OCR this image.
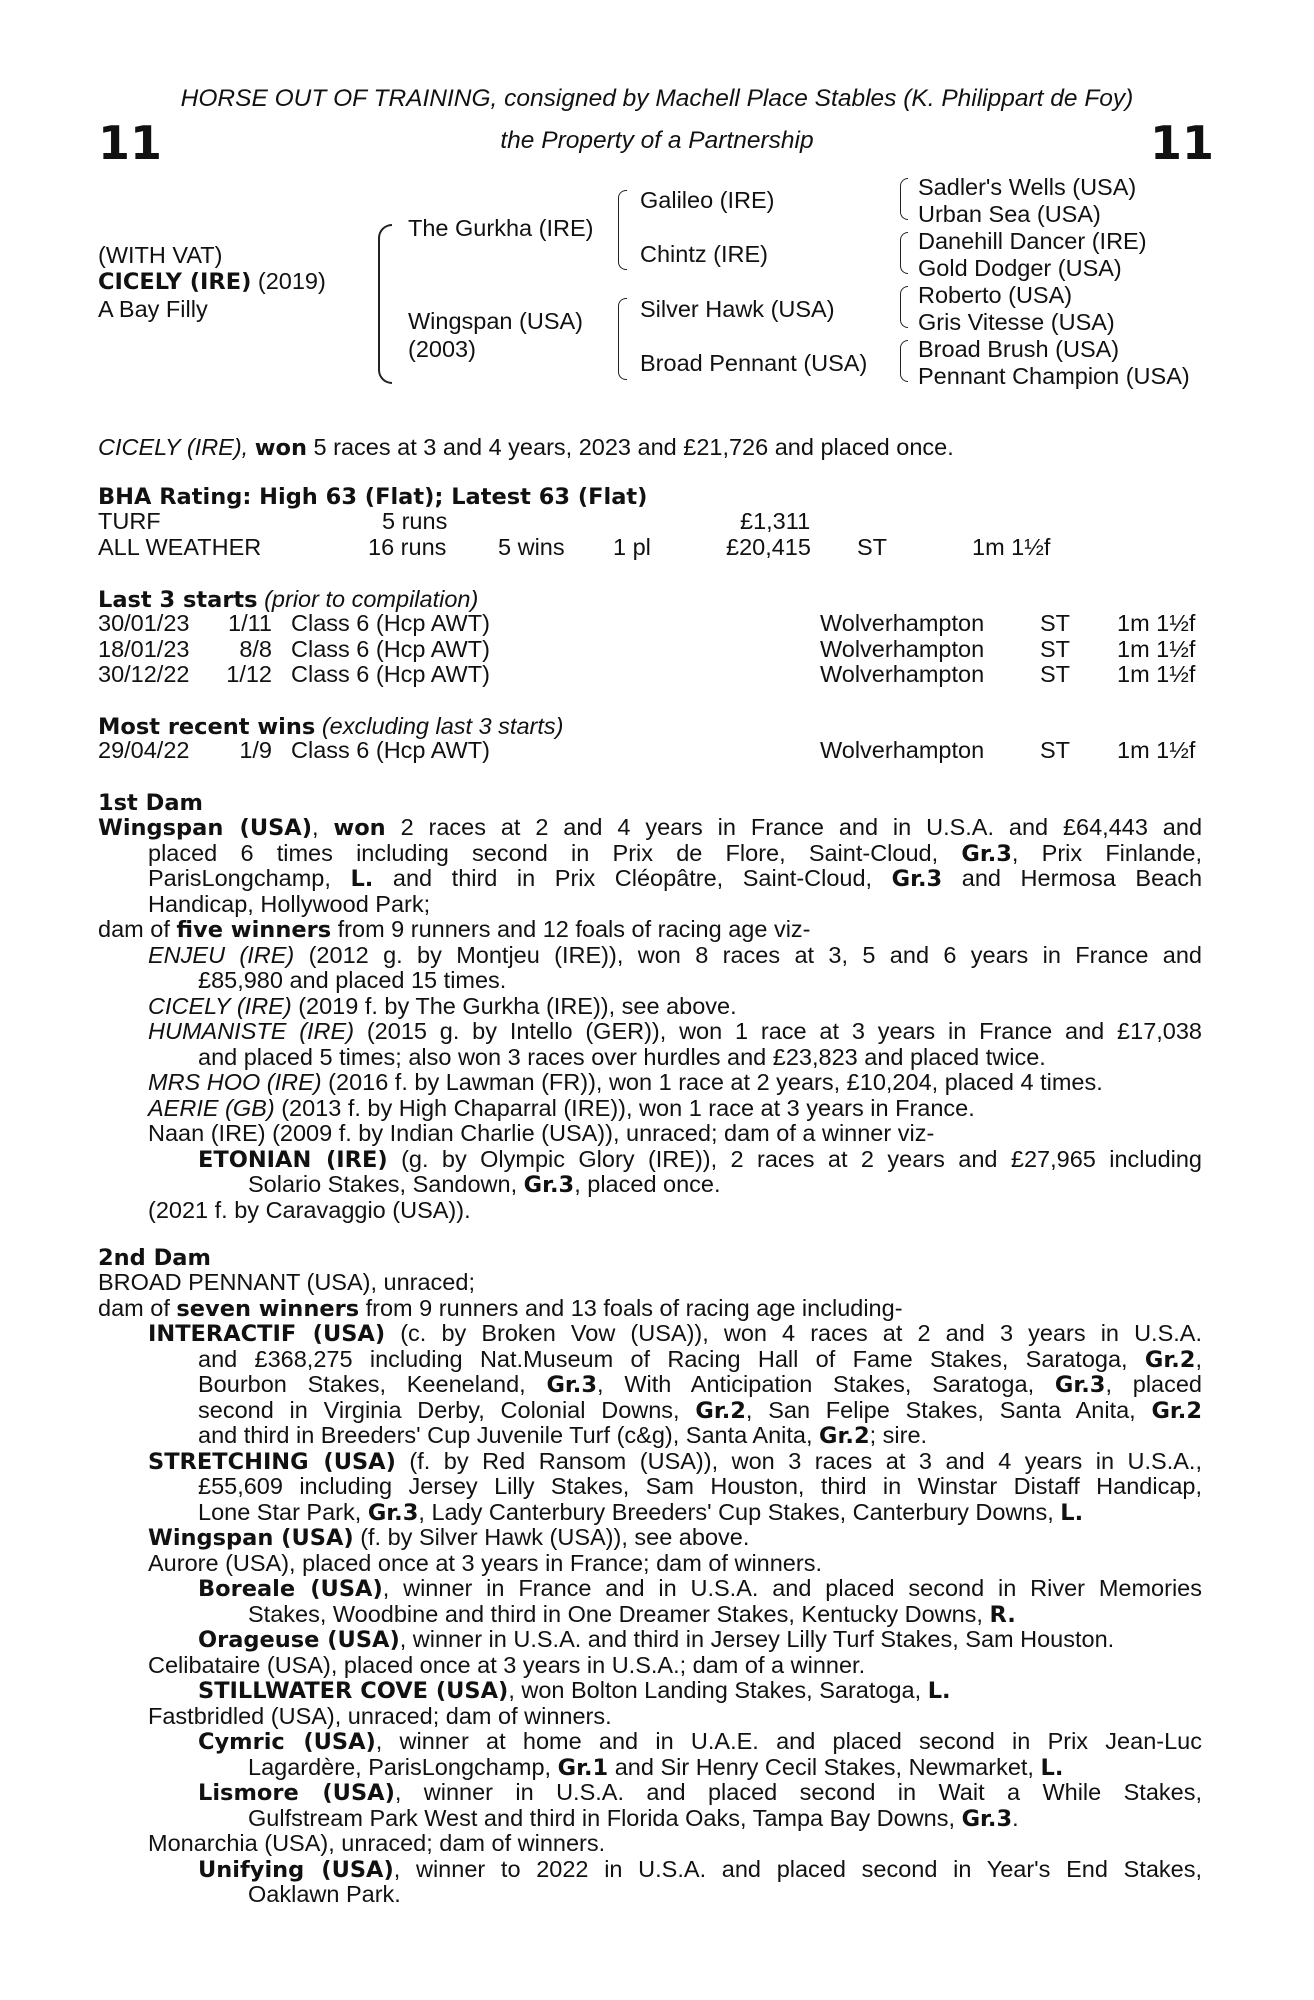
HORSE OUT OF TRAINING, consigned by Machell Place Stables (K. Philippart de Foy)
11	the Property of a Partnership	11
(WITH VAT)
CICELY (IRE) (2019)
A Bay Filly
The Gurkha (IRE)
Wingspan (USA)
(2003)
Galileo (IRE)
Chintz (IRE)
Silver Hawk (USA)
Broad Pennant (USA)
Sadler's Wells (USA)
Urban Sea (USA)
Danehill Dancer (IRE)
Gold Dodger (USA)
Roberto (USA)
Gris Vitesse (USA)
Broad Brush (USA)
Pennant Champion (USA)
CICELY (IRE), won 5 races at 3 and 4 years, 2023 and £21,726 and placed once.
BHA Rating: High 63 (Flat); Latest 63 (Flat)
TURF	5 runs	£1,311
ALL WEATHER	16 runs 5 wins 1 pl	£20,415 ST	1m 1½f
Last 3 starts (prior to compilation)
30/01/23	1/11 Class 6 (Hcp AWT)	Wolverhampton ST 1m 1½f
18/01/23	8/8 Class 6 (Hcp AWT)	Wolverhampton ST 1m 1½f
30/12/22	1/12 Class 6 (Hcp AWT)	Wolverhampton ST 1m 1½f
Most recent wins (excluding last 3 starts)
29/04/22	1/9 Class 6 (Hcp AWT)	Wolverhampton ST 1m 1½f
1st Dam
Wingspan (USA), won 2 races at 2 and 4 years in France and in U.S.A. and £64,443 and
placed 6 times including second in Prix de Flore, Saint-Cloud, Gr.3, Prix Finlande,
ParisLongchamp, L. and third in Prix Cléopâtre, Saint-Cloud, Gr.3 and Hermosa Beach
Handicap, Hollywood Park;
dam of five winners from 9 runners and 12 foals of racing age viz-
ENJEU (IRE) (2012 g. by Montjeu (IRE)), won 8 races at 3, 5 and 6 years in France and
£85,980 and placed 15 times.
CICELY (IRE) (2019 f. by The Gurkha (IRE)), see above.
HUMANISTE (IRE) (2015 g. by Intello (GER)), won 1 race at 3 years in France and £17,038
and placed 5 times; also won 3 races over hurdles and £23,823 and placed twice.
MRS HOO (IRE) (2016 f. by Lawman (FR)), won 1 race at 2 years, £10,204, placed 4 times.
AERIE (GB) (2013 f. by High Chaparral (IRE)), won 1 race at 3 years in France.
Naan (IRE) (2009 f. by Indian Charlie (USA)), unraced; dam of a winner viz-
ETONIAN (IRE) (g. by Olympic Glory (IRE)), 2 races at 2 years and £27,965 including
Solario Stakes, Sandown, Gr.3, placed once.
(2021 f. by Caravaggio (USA)).
2nd Dam
BROAD PENNANT (USA), unraced;
dam of seven winners from 9 runners and 13 foals of racing age including-
INTERACTIF (USA) (c. by Broken Vow (USA)), won 4 races at 2 and 3 years in U.S.A.
and £368,275 including Nat.Museum of Racing Hall of Fame Stakes, Saratoga, Gr.2,
Bourbon Stakes, Keeneland, Gr.3, With Anticipation Stakes, Saratoga, Gr.3, placed
second in Virginia Derby, Colonial Downs, Gr.2, San Felipe Stakes, Santa Anita, Gr.2
and third in Breeders' Cup Juvenile Turf (c&g), Santa Anita, Gr.2; sire.
STRETCHING (USA) (f. by Red Ransom (USA)), won 3 races at 3 and 4 years in U.S.A.,
£55,609 including Jersey Lilly Stakes, Sam Houston, third in Winstar Distaff Handicap,
Lone Star Park, Gr.3, Lady Canterbury Breeders' Cup Stakes, Canterbury Downs, L.
Wingspan (USA) (f. by Silver Hawk (USA)), see above.
Aurore (USA), placed once at 3 years in France; dam of winners.
Boreale (USA), winner in France and in U.S.A. and placed second in River Memories
Stakes, Woodbine and third in One Dreamer Stakes, Kentucky Downs, R.
Orageuse (USA), winner in U.S.A. and third in Jersey Lilly Turf Stakes, Sam Houston.
Celibataire (USA), placed once at 3 years in U.S.A.; dam of a winner.
STILLWATER COVE (USA), won Bolton Landing Stakes, Saratoga, L.
Fastbridled (USA), unraced; dam of winners.
Cymric (USA), winner at home and in U.A.E. and placed second in Prix Jean-Luc
Lagardère, ParisLongchamp, Gr.1 and Sir Henry Cecil Stakes, Newmarket, L.
Lismore (USA), winner in U.S.A. and placed second in Wait a While Stakes,
Gulfstream Park West and third in Florida Oaks, Tampa Bay Downs, Gr.3.
Monarchia (USA), unraced; dam of winners.
Unifying (USA), winner to 2022 in U.S.A. and placed second in Year's End Stakes,
Oaklawn Park.
